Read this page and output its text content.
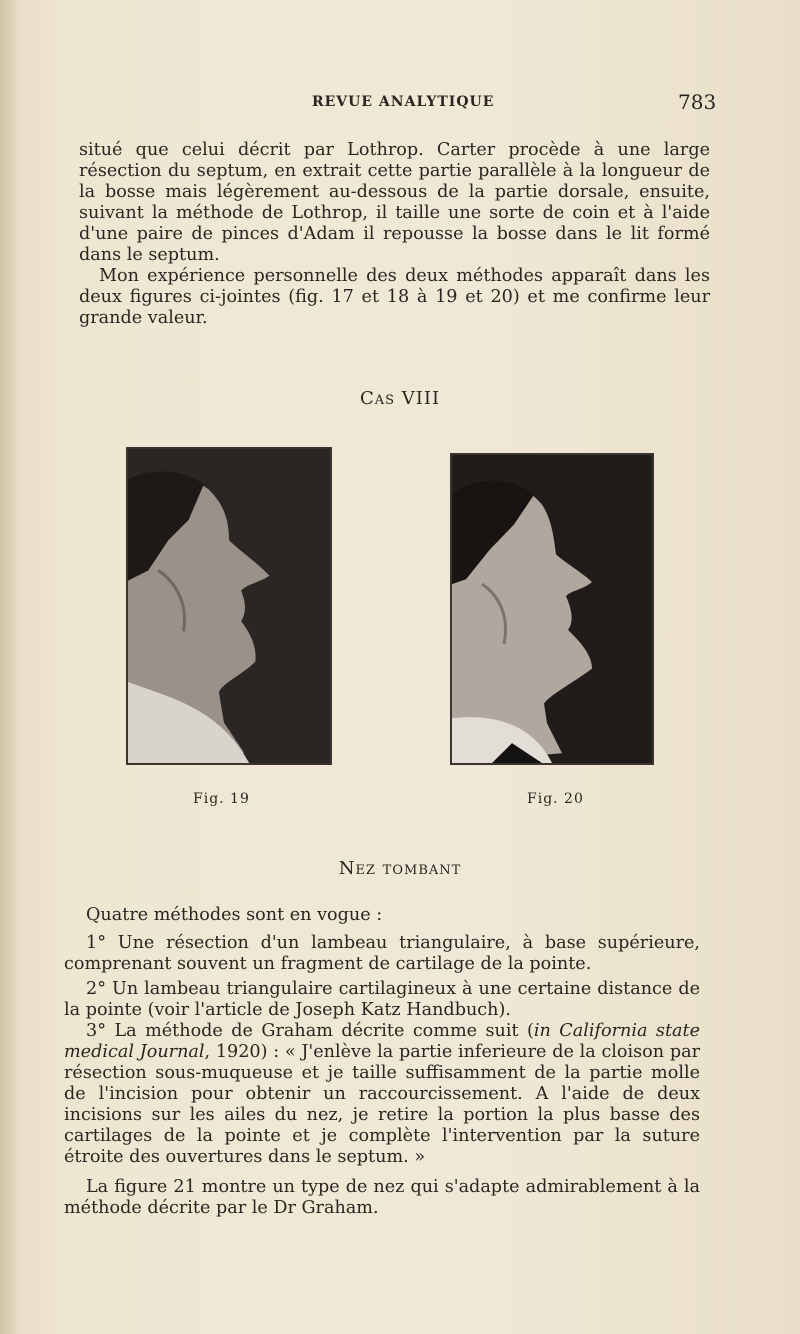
REVUE ANALYTIQUE	783

situé que celui décrit par Lothrop. Carter procède à une large résection du septum, en extrait cette partie parallèle à la longueur de la bosse mais légèrement au-dessous de la partie dorsale, ensuite, suivant la méthode de Lothrop, il taille une sorte de coin et à l'aide d'une paire de pinces d'Adam il repousse la bosse dans le lit formé dans le septum.

Mon expérience personnelle des deux méthodes apparaît dans les deux figures ci-jointes (fig. 17 et 18 à 19 et 20) et me confirme leur grande valeur.

Cas VIII
Fig. 19	Fig. 20
Nez tombant

Quatre méthodes sont en vogue :

1° Une résection d'un lambeau triangulaire, à base supérieure, comprenant souvent un fragment de cartilage de la pointe.

2° Un lambeau triangulaire cartilagineux à une certaine distance de la pointe (voir l'article de Joseph Katz Handbuch).

3° La méthode de Graham décrite comme suit (in California state medical Journal, 1920) : « J'enlève la partie inferieure de la cloison par résection sous-muqueuse et je taille suffisamment de la partie molle de l'incision pour obtenir un raccourcissement. A l'aide de deux incisions sur les ailes du nez, je retire la portion la plus basse des cartilages de la pointe et je complète l'intervention par la suture étroite des ouvertures dans le septum. »

La figure 21 montre un type de nez qui s'adapte admirablement à la méthode décrite par le Dr Graham.
